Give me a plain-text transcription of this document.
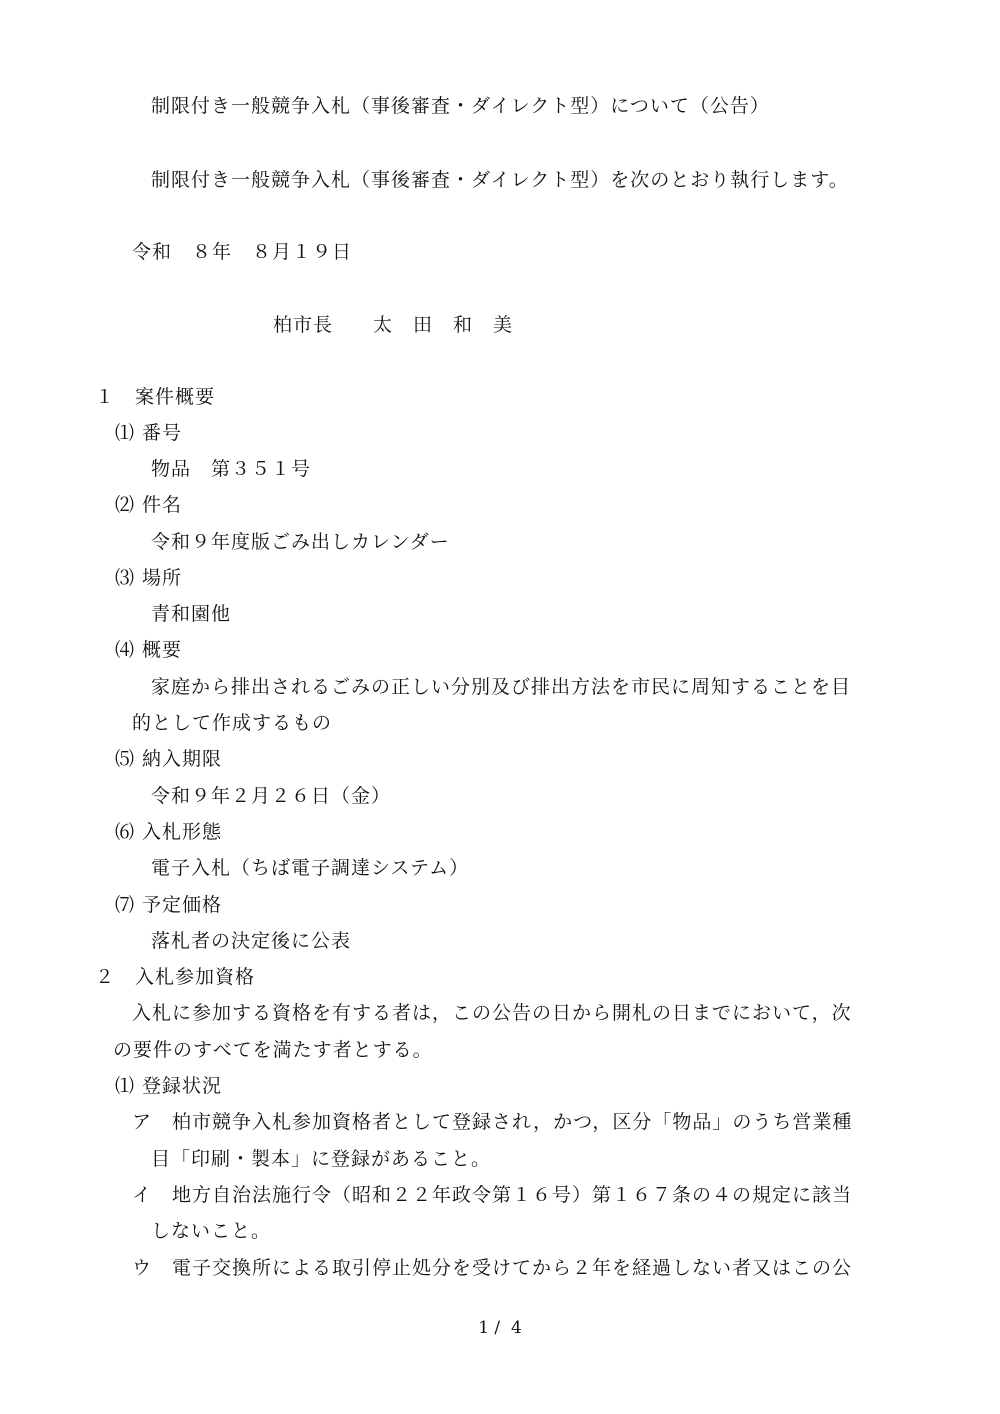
制限付き一般競争入札（事後審査・ダイレクト型）について（公告）
制限付き一般競争入札（事後審査・ダイレクト型）を次のとおり執行します。
令和　８年　８月１９日
柏市長　　太　田　和　美
１　案件概要
⑴ 番号
物品　第３５１号
⑵ 件名
令和９年度版ごみ出しカレンダー
⑶ 場所
青和園他
⑷ 概要
家庭から排出されるごみの正しい分別及び排出方法を市民に周知することを目
的として作成するもの
⑸ 納入期限
令和９年２月２６日（金）
⑹ 入札形態
電子入札（ちば電子調達システム）
⑺ 予定価格
落札者の決定後に公表
２　入札参加資格
入札に参加する資格を有する者は，この公告の日から開札の日までにおいて，次
の要件のすべてを満たす者とする。
⑴ 登録状況
ア　柏市競争入札参加資格者として登録され，かつ，区分「物品」のうち営業種
目「印刷・製本」に登録があること。
イ　地方自治法施行令（昭和２２年政令第１６号）第１６７条の４の規定に該当
しないこと。
ウ　電子交換所による取引停止処分を受けてから２年を経過しない者又はこの公
1 /  4
